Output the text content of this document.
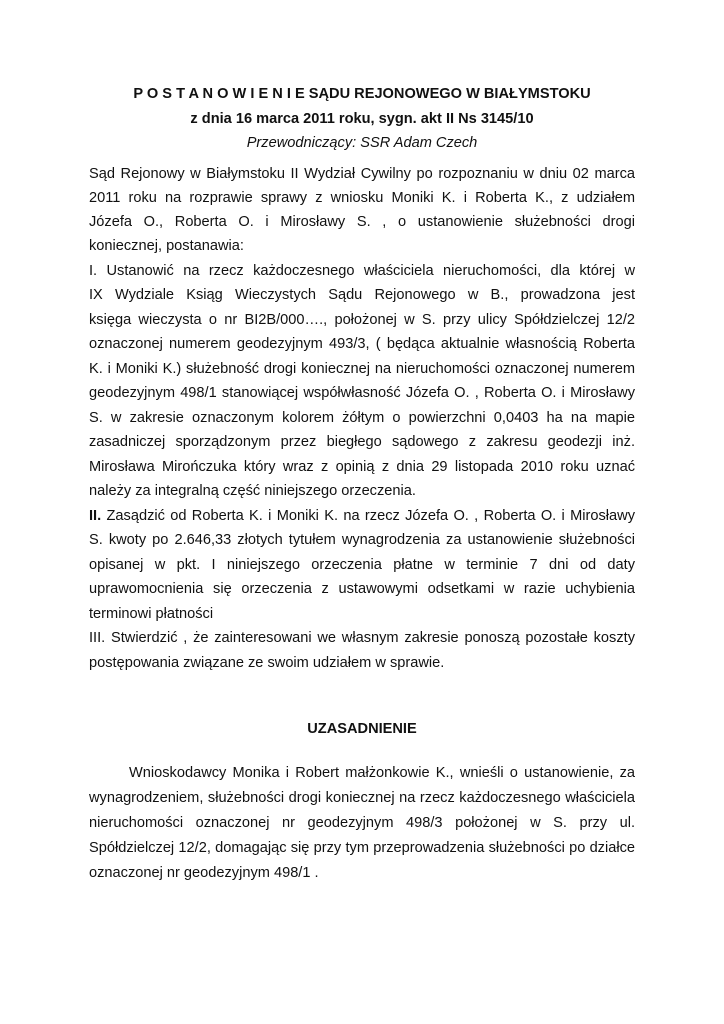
P O S T A N O W I E N I E SĄDU REJONOWEGO W BIAŁYMSTOKU
z dnia 16 marca 2011 roku, sygn. akt II Ns 3145/10
Przewodniczący: SSR Adam Czech
Sąd Rejonowy w Białymstoku II Wydział Cywilny po rozpoznaniu w dniu 02 marca
2011 roku na rozprawie sprawy z wniosku Moniki K. i Roberta K., z udziałem
Józefa O., Roberta O. i Mirosławy S. , o ustanowienie służebności drogi
koniecznej, postanawia:
I. Ustanowić na rzecz każdoczesnego właściciela nieruchomości, dla której w
IX Wydziale Ksiąg Wieczystych Sądu Rejonowego w B., prowadzona jest
księga wieczysta o nr BI2B/000…., położonej w S. przy ulicy Spółdzielczej 12/2
oznaczonej numerem geodezyjnym 493/3, ( będąca aktualnie własnością Roberta
K. i Moniki K.) służebność drogi koniecznej na nieruchomości oznaczonej numerem
geodezyjnym 498/1 stanowiącej współwłasność Józefa O. , Roberta O. i Mirosławy
S. w zakresie oznaczonym kolorem żółtym o powierzchni 0,0403 ha na mapie
zasadniczej sporządzonym przez biegłego sądowego z zakresu geodezji inż.
Mirosława Mirończuka który wraz z opinią z dnia 29 listopada 2010 roku uznać
należy za integralną część niniejszego orzeczenia.
II. Zasądzić od Roberta K. i Moniki K. na rzecz Józefa O. , Roberta O. i Mirosławy
S. kwoty po 2.646,33 złotych tytułem wynagrodzenia za ustanowienie służebności
opisanej w pkt. I niniejszego orzeczenia płatne w terminie 7 dni od daty
uprawomocnienia się orzeczenia z ustawowymi odsetkami w razie uchybienia
terminowi płatności
III. Stwierdzić , że zainteresowani we własnym zakresie ponoszą pozostałe koszty
postępowania związane ze swoim udziałem w sprawie.
UZASADNIENIE
Wnioskodawcy Monika i Robert małżonkowie K., wnieśli o ustanowienie, za
wynagrodzeniem, służebności drogi koniecznej na rzecz każdoczesnego właściciela
nieruchomości oznaczonej nr geodezyjnym 498/3 położonej w S. przy ul.
Spółdzielczej 12/2, domagając się przy tym przeprowadzenia służebności po działce
oznaczonej nr geodezyjnym 498/1 .
